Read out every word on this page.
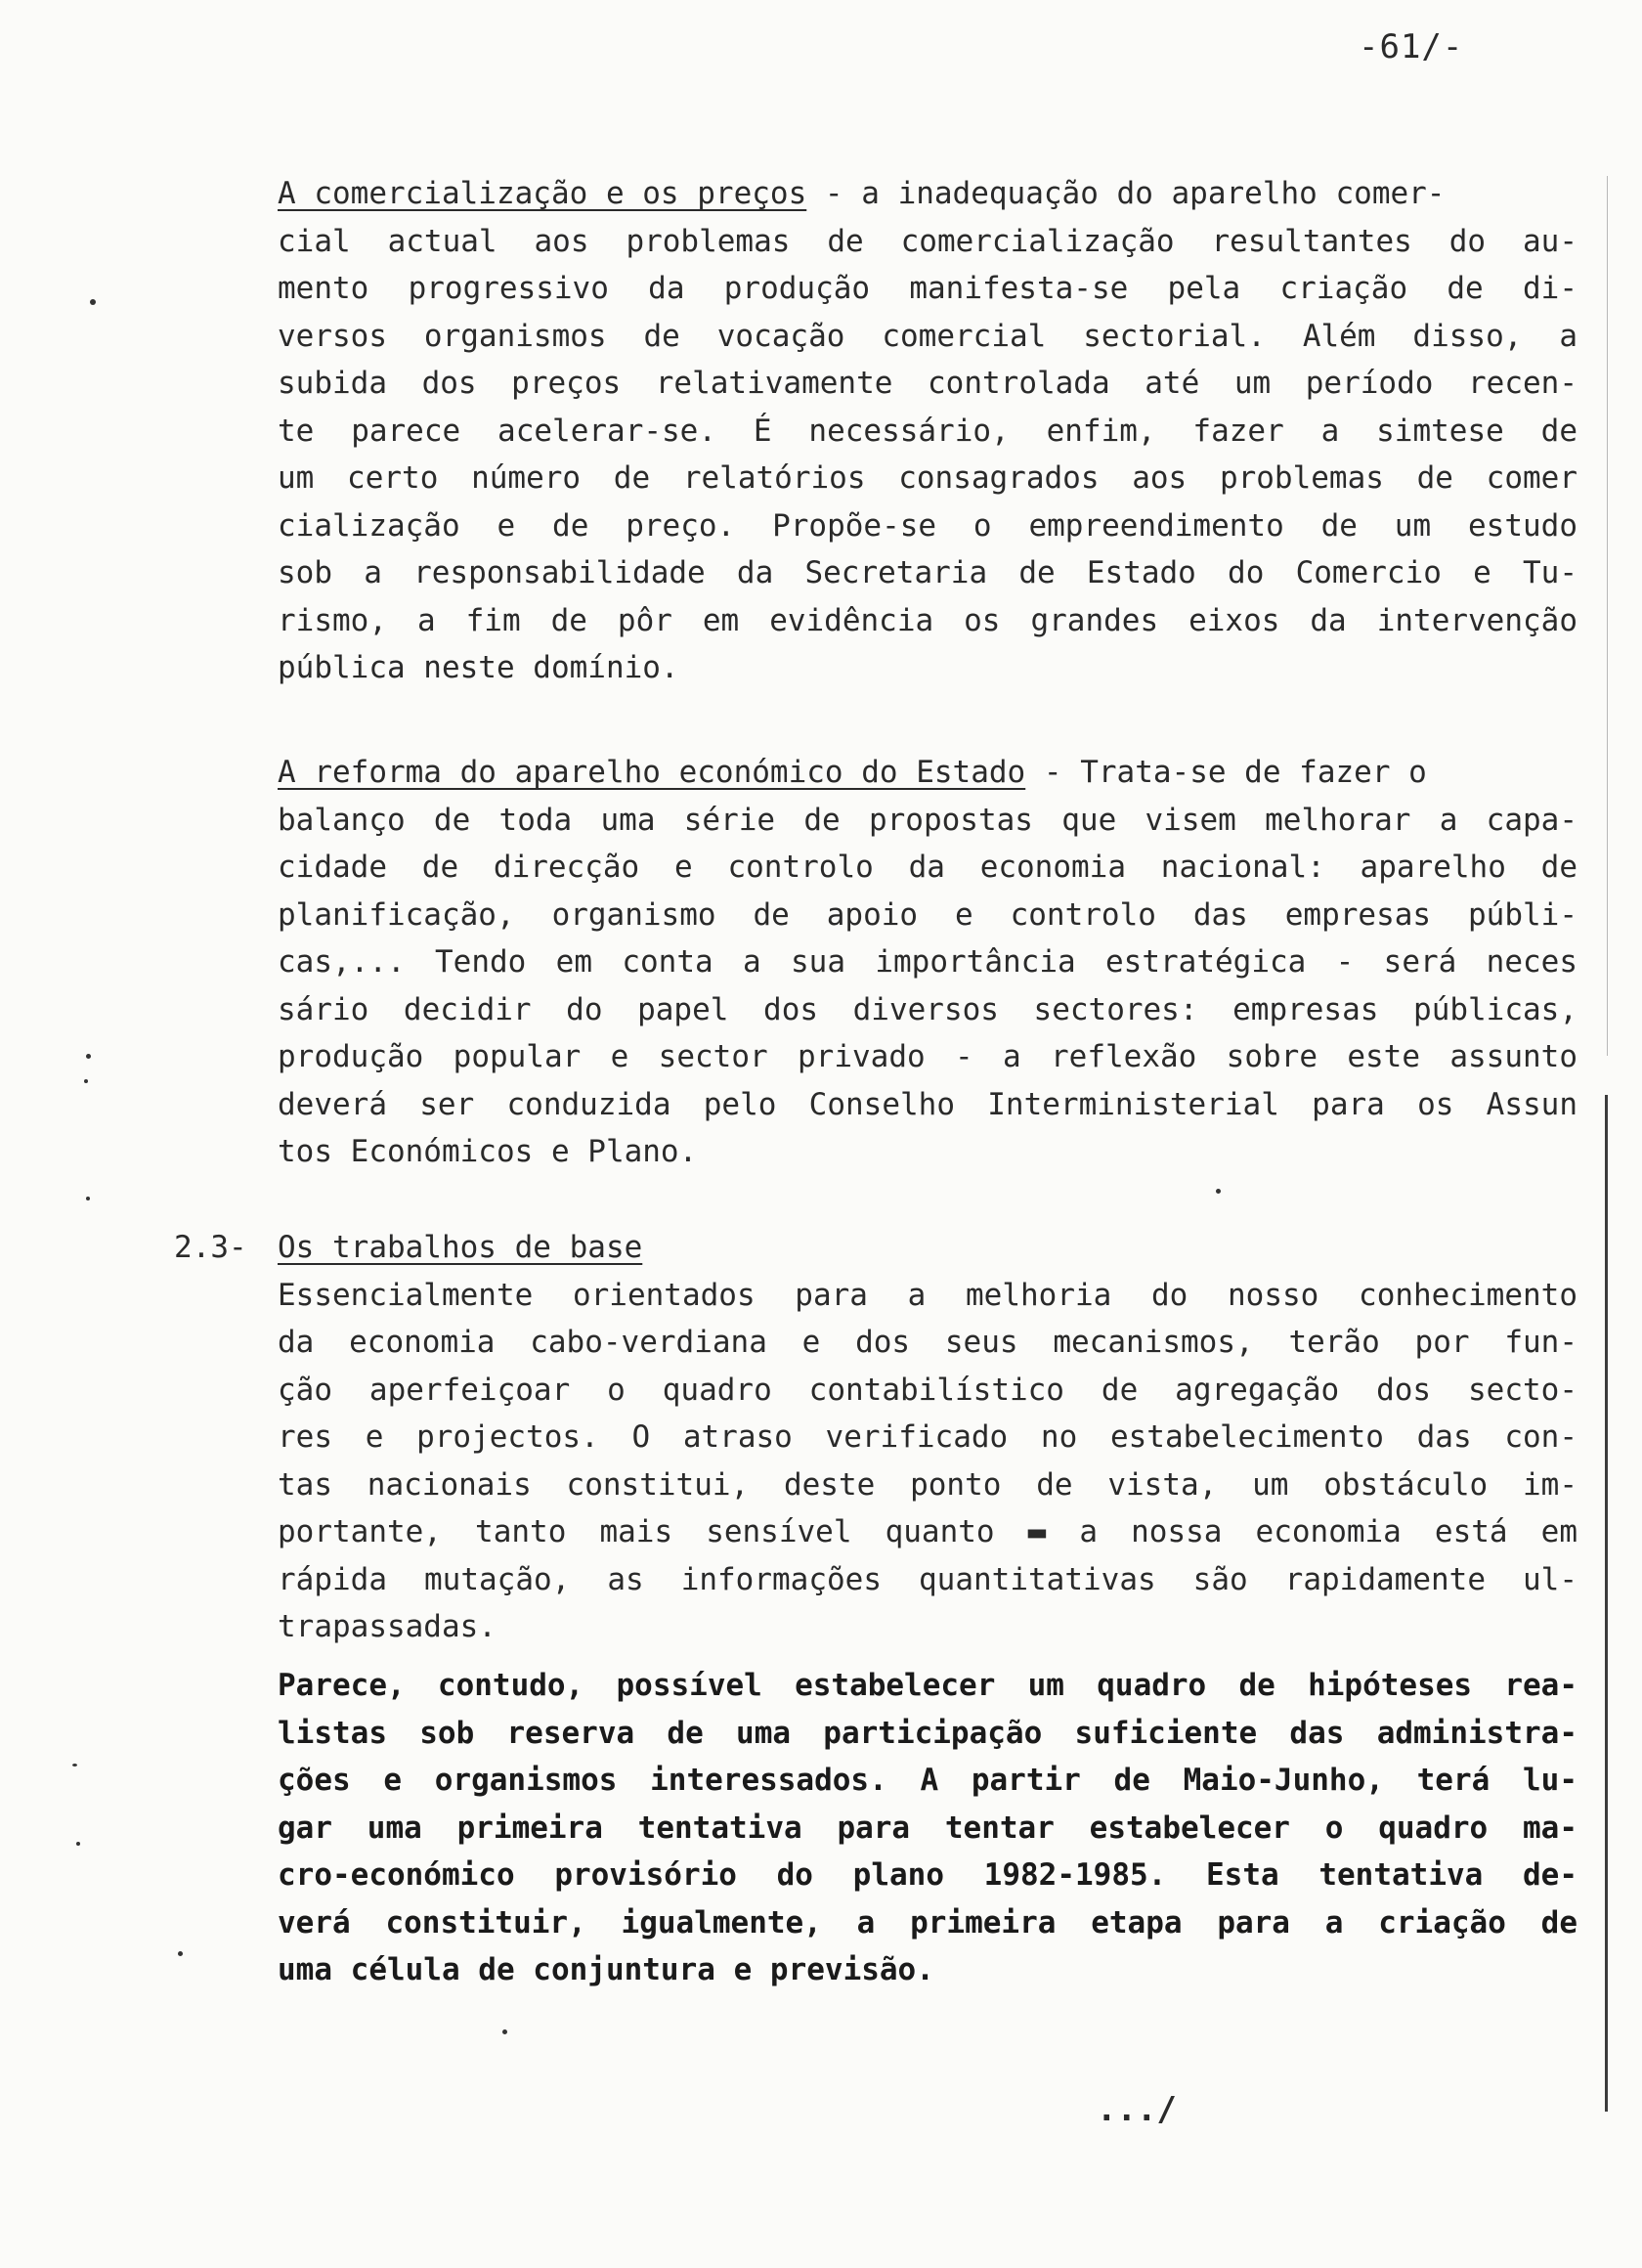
-61/-
A comercialização e os preços - a inadequação do aparelho comer-
cial actual aos problemas de comercialização resultantes do au-
mento progressivo da produção manifesta-se pela criação de di-
versos organismos de vocação comercial sectorial. Além disso, a
subida dos preços relativamente controlada até um período recen-
te parece acelerar-se. É necessário, enfim, fazer a simtese de
um certo número de relatórios consagrados aos problemas de comer
cialização e de preço. Propõe-se o empreendimento de um estudo
sob a responsabilidade da Secretaria de Estado do Comercio e Tu-
rismo, a fim de pôr em evidência os grandes eixos da intervenção
pública neste domínio.
A reforma do aparelho económico do Estado - Trata-se de fazer o
balanço de toda uma série de propostas que visem melhorar a capa-
cidade de direcção e controlo da economia nacional: aparelho de
planificação, organismo de apoio e controlo das empresas públi-
cas,... Tendo em conta a sua importância estratégica - será neces
sário decidir do papel dos diversos sectores: empresas públicas,
produção popular e sector privado - a reflexão sobre este assunto
deverá ser conduzida pelo Conselho Interministerial para os Assun
tos Económicos e Plano.
2.3- Os trabalhos de base
Essencialmente orientados para a melhoria do nosso conhecimento
da economia cabo-verdiana e dos seus mecanismos, terão por fun-
ção aperfeiçoar o quadro contabilístico de agregação dos secto-
res e projectos. O atraso verificado no estabelecimento das con-
tas nacionais constitui, deste ponto de vista, um obstáculo im-
portante, tanto mais sensível quanto ▬ a nossa economia está em
rápida mutação, as informações quantitativas são rapidamente ul-
trapassadas.
Parece, contudo, possível estabelecer um quadro de hipóteses rea-
listas sob reserva de uma participação suficiente das administra-
ções e organismos interessados. A partir de Maio-Junho, terá lu-
gar uma primeira tentativa para tentar estabelecer o quadro ma-
cro-económico provisório do plano 1982-1985. Esta tentativa de-
verá constituir, igualmente, a primeira etapa para a criação de
uma célula de conjuntura e previsão.
.../
